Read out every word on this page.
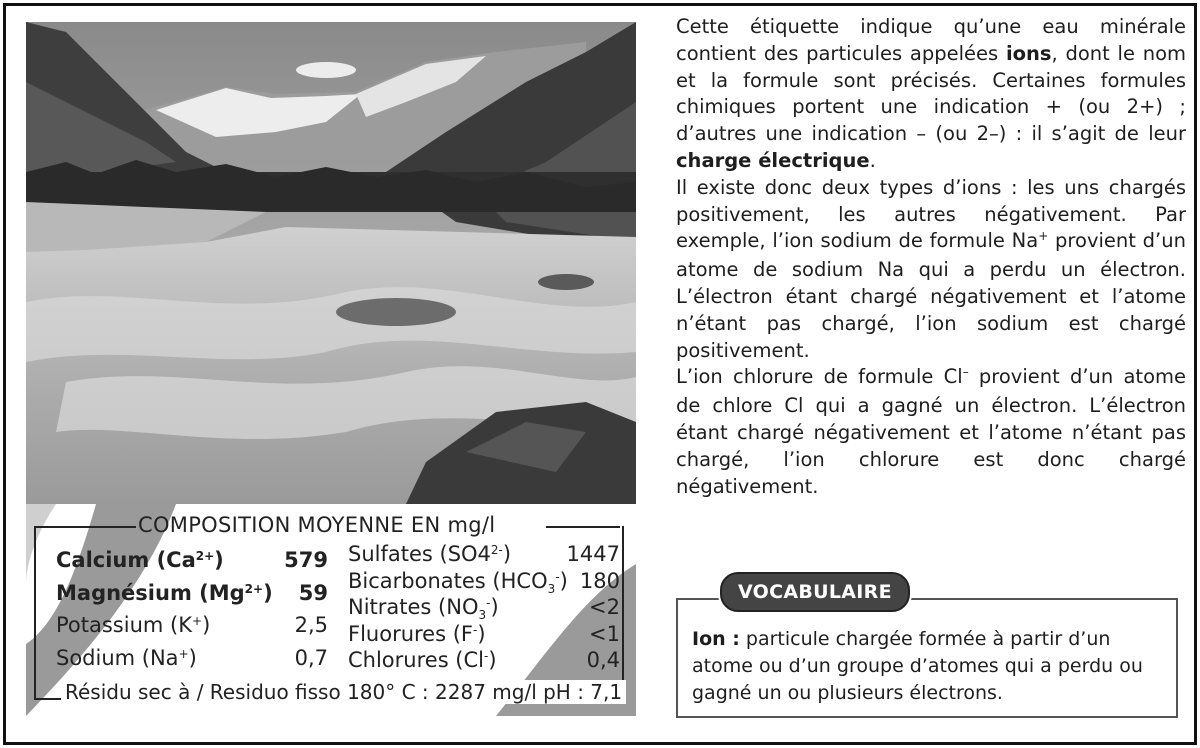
COMPOSITION MOYENNE EN mg/l
Calcium $(Ca^{2+})$	579
Magnésium $(Mg^{2+})$ 59
Potassium (K+)	2,5
Sodium (Na+)	0,7
Sulfates $(SO4^{2-})$	1447
Bicarbonates $(HCO_3^-)$ 180
Nitrates $(NO_3^-)$	<2
Fluorures (F-)	<1
Chlorures (Cl-)	0,4
Résidu sec à / Residuo fisso 180° C : 2287 mg/l pH : 7,1

Cette étiquette indique qu’une eau minérale contient des particules appelées ions, dont le nom et la formule sont précisés. Certaines formules chimiques portent une indication + (ou 2+) ; d’autres une indication – (ou 2–) : il s’agit de leur charge électrique.

Il existe donc deux types d’ions : les uns chargés positivement, les autres négativement. Par exemple, l’ion sodium de formule Na+ provient d’un atome de sodium Na qui a perdu un électron. L’électron étant chargé négativement et l’atome n’étant pas chargé, l’ion sodium est chargé positivement.

L’ion chlorure de formule Cl– provient d’un atome de chlore Cl qui a gagné un électron. L’électron étant chargé négativement et l’atome n’étant pas chargé, l’ion chlorure est donc chargé négativement.

VOCABULAIRE
Ion : particule chargée formée à partir d’un atome ou d’un groupe d’atomes qui a perdu ou gagné un ou plusieurs électrons.
